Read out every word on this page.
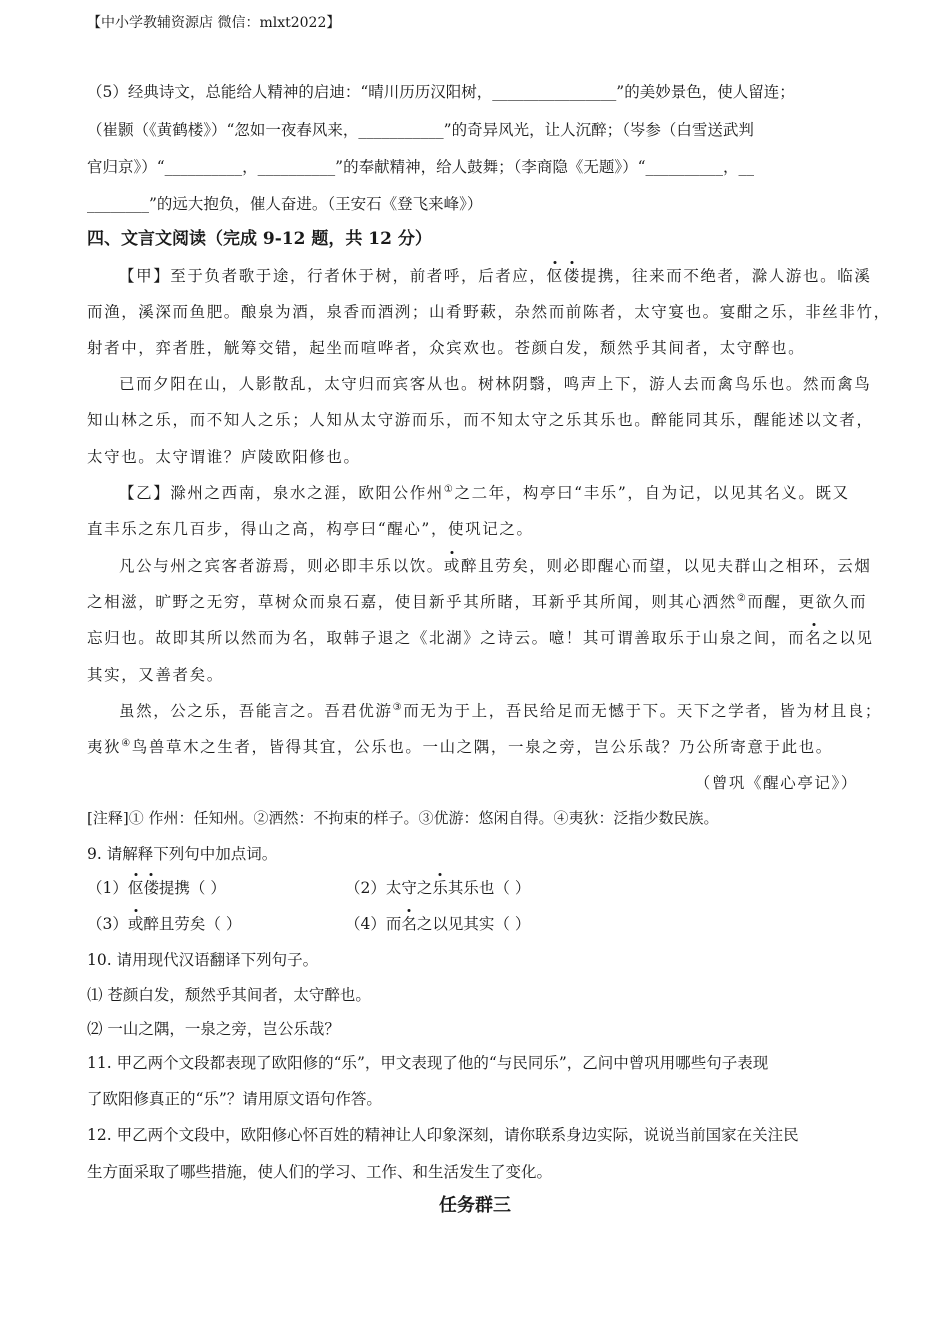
【中小学教辅资源店 微信：mlxt2022】
（5）经典诗文，总能给人精神的启迪：“晴川历历汉阳树，________________”的美妙景色，使人留连；
（崔颢（《黄鹤楼》）“忽如一夜春风来，___________”的奇异风光，让人沉醉；（岑参（白雪送武判
官归京》）“__________，__________”的奉献精神，给人鼓舞；（李商隐《无题》）“__________，__
________”的远大抱负，催人奋进。（王安石《登飞来峰》）
四、文言文阅读（完成 9-12 题，共 12 分）
【甲】至于负者歌于途，行者休于树，前者呼，后者应，伛偻提携，往来而不绝者，滁人游也。临溪
而渔，溪深而鱼肥。酿泉为酒，泉香而酒洌；山肴野蔌，杂然而前陈者，太守宴也。宴酣之乐，非丝非竹，
射者中，弈者胜，觥筹交错，起坐而喧哗者，众宾欢也。苍颜白发，颓然乎其间者，太守醉也。
已而夕阳在山，人影散乱，太守归而宾客从也。树林阴翳，鸣声上下，游人去而禽鸟乐也。然而禽鸟
知山林之乐，而不知人之乐；人知从太守游而乐，而不知太守之乐其乐也。醉能同其乐，醒能述以文者，
太守也。太守谓谁？庐陵欧阳修也。
【乙】滁州之西南，泉水之涯，欧阳公作州①之二年，构亭曰“丰乐”，自为记，以见其名义。既又
直丰乐之东几百步，得山之高，构亭曰“醒心”，使巩记之。
凡公与州之宾客者游焉，则必即丰乐以饮。或醉且劳矣，则必即醒心而望，以见夫群山之相环，云烟
之相滋，旷野之无穷，草树众而泉石嘉，使目新乎其所睹，耳新乎其所闻，则其心洒然②而醒，更欲久而
忘归也。故即其所以然而为名，取韩子退之《北湖》之诗云。噫！其可谓善取乐于山泉之间，而名之以见
其实，又善者矣。
虽然，公之乐，吾能言之。吾君优游③而无为于上，吾民给足而无憾于下。天下之学者，皆为材且良；
夷狄④鸟兽草木之生者，皆得其宜，公乐也。一山之隅，一泉之旁，岂公乐哉？乃公所寄意于此也。
（曾巩《醒心亭记》）
[注释]① 作州：任知州。②洒然：不拘束的样子。③优游：悠闲自得。④夷狄：泛指少数民族。
9. 请解释下列句中加点词。
（1）伛偻提携（ ）	（2）太守之乐其乐也（ ）
（3）或醉且劳矣（ ）	（4）而名之以见其实（ ）
10. 请用现代汉语翻译下列句子。
⑴ 苍颜白发，颓然乎其间者，太守醉也。
⑵ 一山之隅，一泉之旁，岂公乐哉？
11. 甲乙两个文段都表现了欧阳修的“乐”，甲文表现了他的“与民同乐”，乙问中曾巩用哪些句子表现
了欧阳修真正的“乐”？请用原文语句作答。
12. 甲乙两个文段中，欧阳修心怀百姓的精神让人印象深刻，请你联系身边实际，说说当前国家在关注民
生方面采取了哪些措施，使人们的学习、工作、和生活发生了变化。
任务群三
